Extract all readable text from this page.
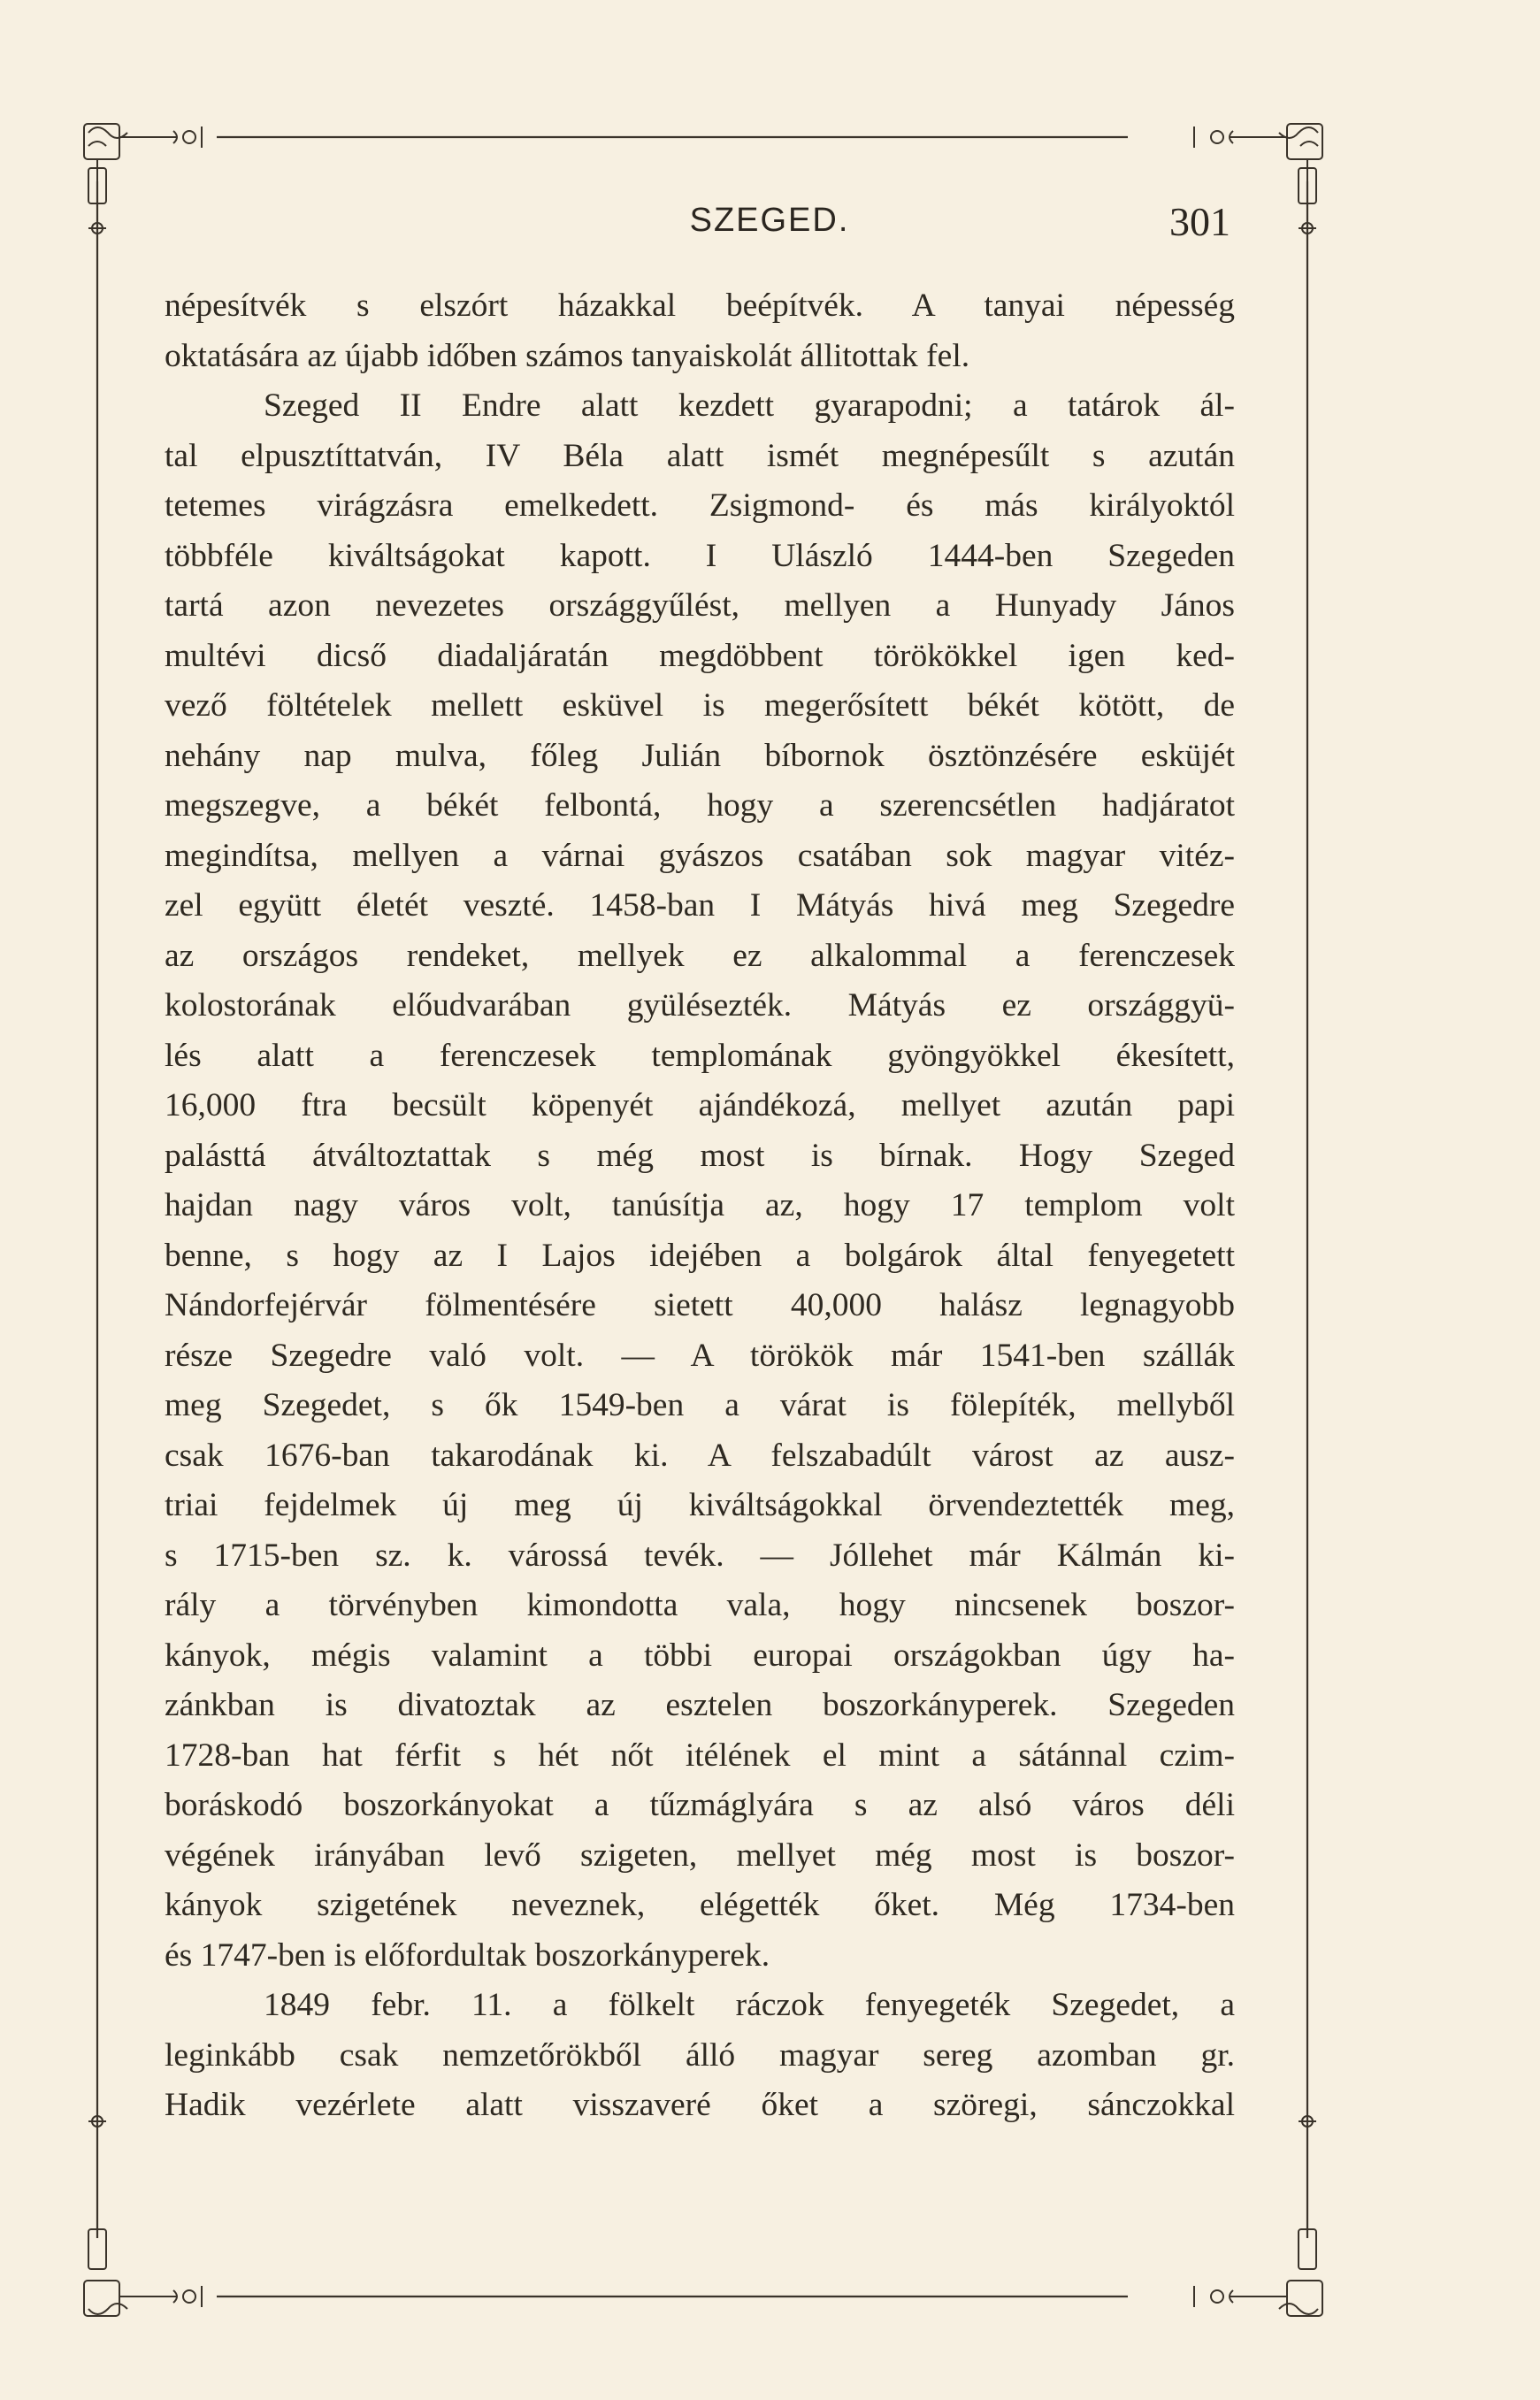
SZEGED.	301
népesítvék s elszórt házakkal beépítvék. A tanyai népesség
oktatására az újabb időben számos tanyaiskolát állitottak fel.
Szeged II Endre alatt kezdett gyarapodni; a tatárok ál-
tal elpusztíttatván, IV Béla alatt ismét megnépesűlt s azután
tetemes virágzásra emelkedett. Zsigmond- és más királyoktól
többféle kiváltságokat kapott. I Ulászló 1444-ben Szegeden
tartá azon nevezetes országgyűlést, mellyen a Hunyady János
multévi dicső diadaljáratán megdöbbent törökökkel igen ked-
vező föltételek mellett esküvel is megerősített békét kötött, de
nehány nap mulva, főleg Julián bíbornok ösztönzésére esküjét
megszegve, a békét felbontá, hogy a szerencsétlen hadjáratot
megindítsa, mellyen a várnai gyászos csatában sok magyar vitéz-
zel együtt életét veszté. 1458-ban I Mátyás hivá meg Szegedre
az országos rendeket, mellyek ez alkalommal a ferenczesek
kolostorának előudvarában gyülésezték. Mátyás ez országgyü-
lés alatt a ferenczesek templomának gyöngyökkel ékesített,
16,000 ftra becsült köpenyét ajándékozá, mellyet azután papi
palásttá átváltoztattak s még most is bírnak. Hogy Szeged
hajdan nagy város volt, tanúsítja az, hogy 17 templom volt
benne, s hogy az I Lajos idejében a bolgárok által fenyegetett
Nándorfejérvár fölmentésére sietett 40,000 halász legnagyobb
része Szegedre való volt. — A törökök már 1541-ben szállák
meg Szegedet, s ők 1549-ben a várat is fölepíték, mellyből
csak 1676-ban takarodának ki. A felszabadúlt várost az ausz-
triai fejdelmek új meg új kiváltságokkal örvendeztették meg,
s 1715-ben sz. k. várossá tevék. — Jóllehet már Kálmán ki-
rály a törvényben kimondotta vala, hogy nincsenek boszor-
kányok, mégis valamint a többi europai országokban úgy ha-
zánkban is divatoztak az esztelen boszorkányperek. Szegeden
1728-ban hat férfit s hét nőt itélének el mint a sátánnal czim-
boráskodó boszorkányokat a tűzmáglyára s az alsó város déli
végének irányában levő szigeten, mellyet még most is boszor-
kányok szigetének neveznek, elégették őket. Még 1734-ben
és 1747-ben is előfordultak boszorkányperek.
1849 febr. 11. a fölkelt ráczok fenyegeték Szegedet, a
leginkább csak nemzetőrökből álló magyar sereg azomban gr.
Hadik vezérlete alatt visszaveré őket a szöregi, sánczokkal
